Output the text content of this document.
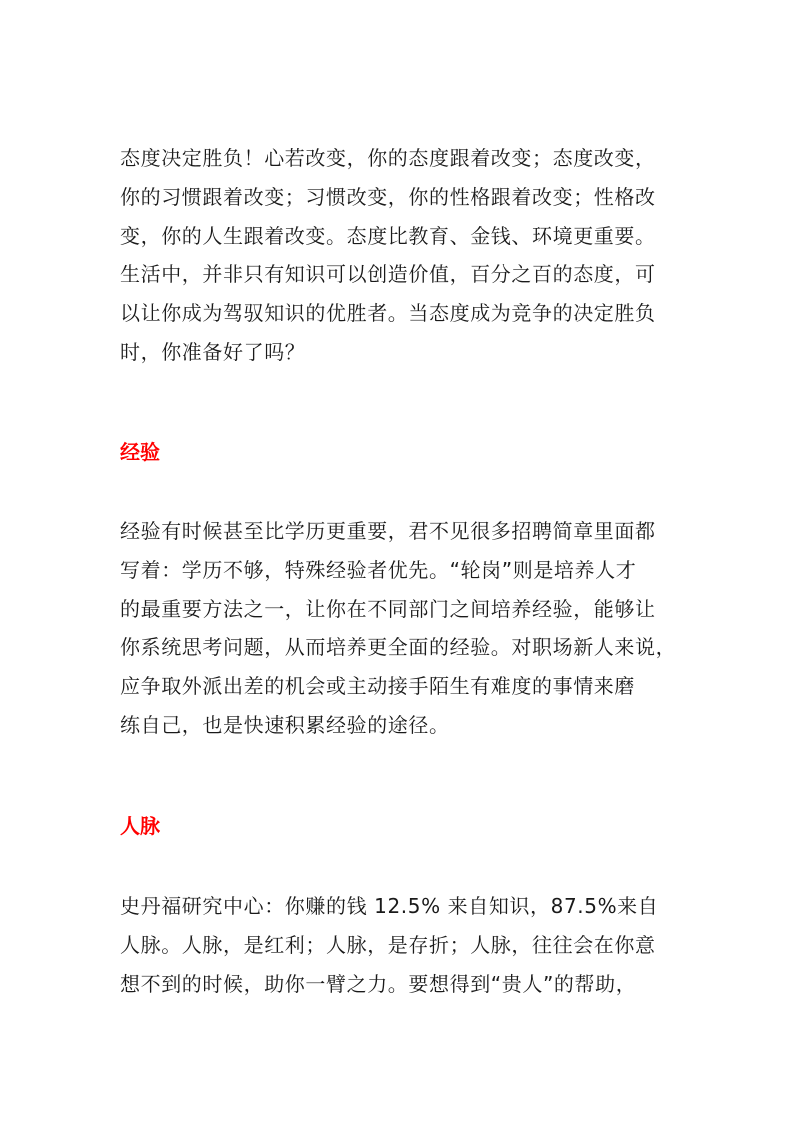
态度决定胜负！心若改变，你的态度跟着改变；态度改变，
你的习惯跟着改变；习惯改变，你的性格跟着改变；性格改
变，你的人生跟着改变。态度比教育、金钱、环境更重要。
生活中，并非只有知识可以创造价值，百分之百的态度，可
以让你成为驾驭知识的优胜者。当态度成为竞争的决定胜负
时，你准备好了吗？
经验
经验有时候甚至比学历更重要，君不见很多招聘简章里面都
写着：学历不够，特殊经验者优先。“轮岗”则是培养人才
的最重要方法之一，让你在不同部门之间培养经验，能够让
你系统思考问题，从而培养更全面的经验。对职场新人来说，
应争取外派出差的机会或主动接手陌生有难度的事情来磨
练自己，也是快速积累经验的途径。
人脉
史丹福研究中心：你赚的钱 12.5% 来自知识，87.5%来自
人脉。人脉，是红利；人脉，是存折；人脉，往往会在你意
想不到的时候，助你一臂之力。要想得到“贵人”的帮助，
